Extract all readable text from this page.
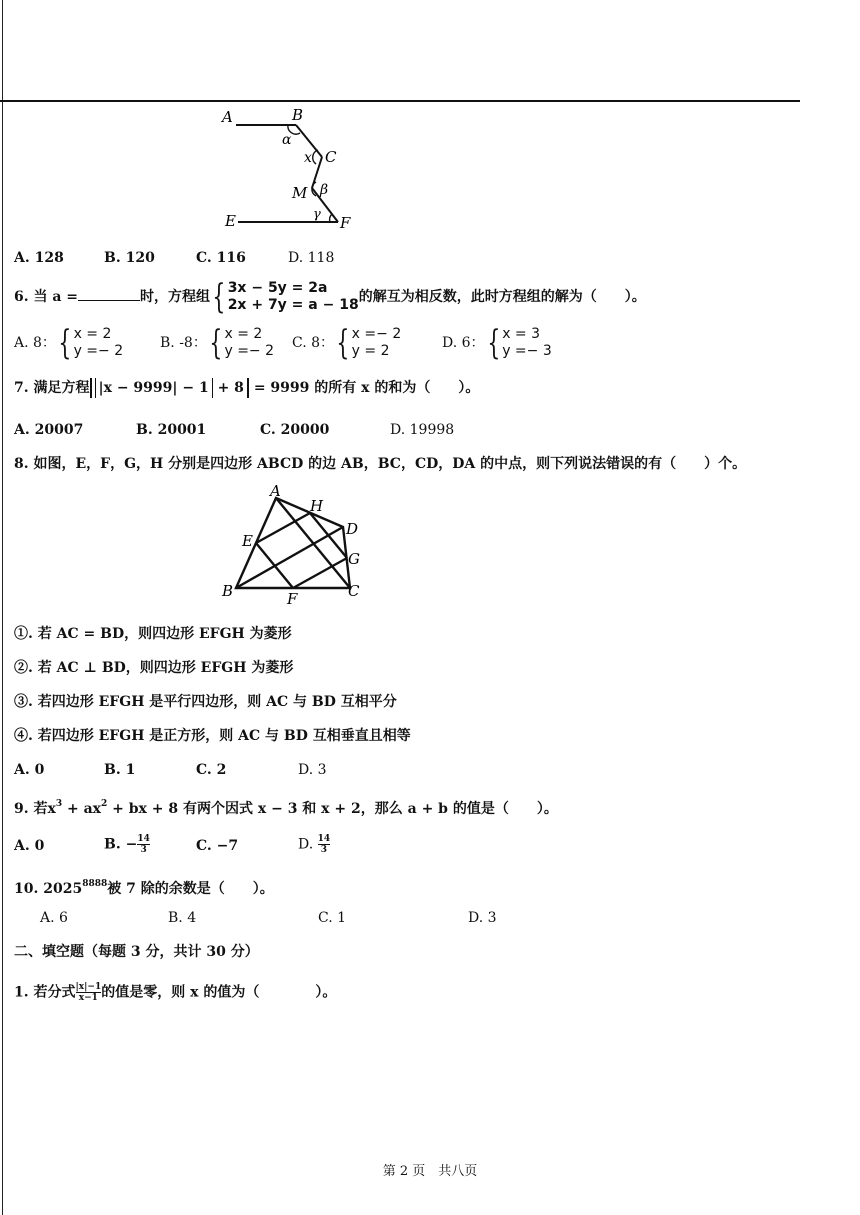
A	B
α
x C
M β
γ
E	F
A. 128	B. 120	C. 116	D. 118
6. 当 a =	时，方程组 { 3x − 5y = 2a
2x + 7y = a − 18 的解互为相反数，此时方程组的解为（　　）。
A. 8： { x = 2
y =− 2	B. -8： { x = 2
y =− 2 C. 8： { x =− 2
y = 2	D. 6： { x = 3
y =− 3
7. 满足方程 |x − 9999| − 1 + 8 = 9999 的所有 x 的和为（　　）。
A. 20007	B. 20001	C. 20000	D. 19998
8. 如图，E，F，G，H 分别是四边形 ABCD 的边 AB，BC，CD，DA 的中点，则下列说法错误的有（　　）个。
A
H
D
E
G
B	F	C
①. 若 AC = BD，则四边形 EFGH 为菱形
②. 若 AC ⊥ BD，则四边形 EFGH 为菱形
③. 若四边形 EFGH 是平行四边形，则 AC 与 BD 互相平分
④. 若四边形 EFGH 是正方形，则 AC 与 BD 互相垂直且相等
A. 0	B. 1	C. 2	D. 3
9. 若$x^3 + ax^2$ + bx + 8 有两个因式 x − 3 和 x + 2，那么 a + b 的值是（　　）。
A. 0	B. − $\frac{14}{3}$	C. −7	D. $\frac{14}{3}$
10. $2025^{8888}$被 7 除的余数是（　　）。
A. 6	B. 4	C. 1	D. 3
二、填空题（每题 3 分，共计 30 分）
1. 若分式 $\frac{|x|-1}{x-1}$ 的值是零，则 x 的值为（　　　　）。
第 2 页　共八页
